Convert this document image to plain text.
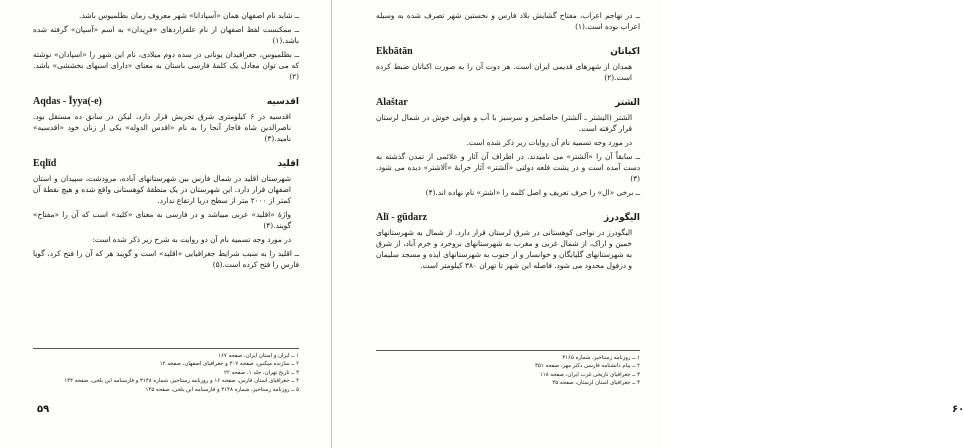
ــ شاید نام اصفهان همان «آسپادانا» شهر معروف زمان بطلمیوس باشد.

ــ ممکنست لفظ اصفهان از نام علفزاردهای «فرِیدان» به اسم «آسپان» گرفته شده باشد.(۱)

ــ بطلمیوس، جغرافیدان یونانی در سده دوم میلادی، نام این شهر را «اسپادان» نوشته که می توان معادل یک کلمهٔ فارسی باستان به معنای «دارای اسبهای بخششی» باشد.(۲)

Aqdas - Īyya(-e)	اقدسیه

اقدسیه در ۶ کیلومتری شرق تجریش قرار دارد، لیکن در سابق ده مستقل بود. ناصرالدین شاه قاجار آنجا را به نام «اقدس الدوله» یکی از زنان خود «اقدسیه» نامید.(۳)

Eqlīd	اقلید

شهرستان اقلید در شمال فارس بین شهرستانهای آباده، مرودشت، سپیدان و استان اصفهان قرار دارد. این شهرستان در یک منطقهٔ کوهستانی واقع شده و هیچ نقطهٔ آن کمتر از ۲۰۰۰ متر از سطح دریا ارتفاع ندارد.

واژهٔ «اقلید» عربی میباشد و در فارسی به معنای «کلید» است که آن را «مفتاح» گویند.(۴)

در مورد وجه تسمیه نام آن دو روایت به شرح زیر ذکر شده است:

ــ اقلید را به سبب شرایط جغرافیایی «اقلید» است و گویند هر که آن را فتح کرد، گویا فارس را فتح کرده است.(۵)

۱ ــ ایران و استان ایران، صفحه ۱۶۷

۲ ــ سازنده میکنین، صفحه ۳۰۷ و جغرافیای اصفهان، صفحه ۱۲

۳ ــ تاریخ تهران، جلد ۱، صفحه ۲۲

۴ ــ جغرافیای استان فارس، صفحه ۱۶ و روزنامه رستاخیز، شماره ۳۱۴۸ و فارسنامه ابن بلخی، صفحه ۱۴۴

۵ ــ روزنامه رستاخیز، شماره ۳۱۴۸ و فارسنامه ابن بلخی، صفحه ۱۴۵

۵۹

ــ در تهاجم اعراب، مفتاح گشایش بلاد فارس و نخستین شهر تصرف شده به وسیله اعراب بوده است.(۱)

Ekbātān	اکباتان

همدان از شهرهای قدیمی ایران است. هر دوت آن را به صورت اکباتان ضبط کرده است.(۲)

Alaštar	الشتر

الشتر (الیشتر ـ آلشتر) حاصلخیز و سرسبز با آب و هوایی خوش در شمال لرستان قرار گرفته است.

در مورد وجه تسمیه نام آن روایات زیر ذکر شده است.

ــ سابقاً آن را «آلشتر» می نامیدند. در اطراف آن آثار و علائمی از تمدن گذشته به دست آمده است و در پشت قلعه دولتی «آلشتر» آثار خرابهٔ «آلاشتر» دیده می شود.(۳)

ــ برخی «ال» را حرف تعریف و اصل کلمه را «اشتر» نام نهاده اند.(۴)

Alī - gūdarz	الیگودرز

الیگودرز در نواحی کوهستانی در شرق لرستان قرار دارد. از شمال به شهرستانهای خمین و اراک، از شمال غربی و مغرب به شهرستانهای بروجرد و خرم آباد، از شرق به شهرستانهای گلپایگان و خوانسار و از جنوب به شهرستانهای ایذه و مسجد سلیمان و دزفول محدود می شود. فاصله این شهر تا تهران ۳۸۰ کیلومتر است.

۱ ــ روزنامه رستاخیز، شماره ۳۱۶۵

۲ ــ پیام دانشنامه فارسی دکتر مهر، صفحه ۳۵۱

۳ ــ جغرافیای تاریخی غرب ایران، صفحه ۱۱۸

۴ ــ جغرافیای استان لرستان، صفحه ۳۵

۶۰
